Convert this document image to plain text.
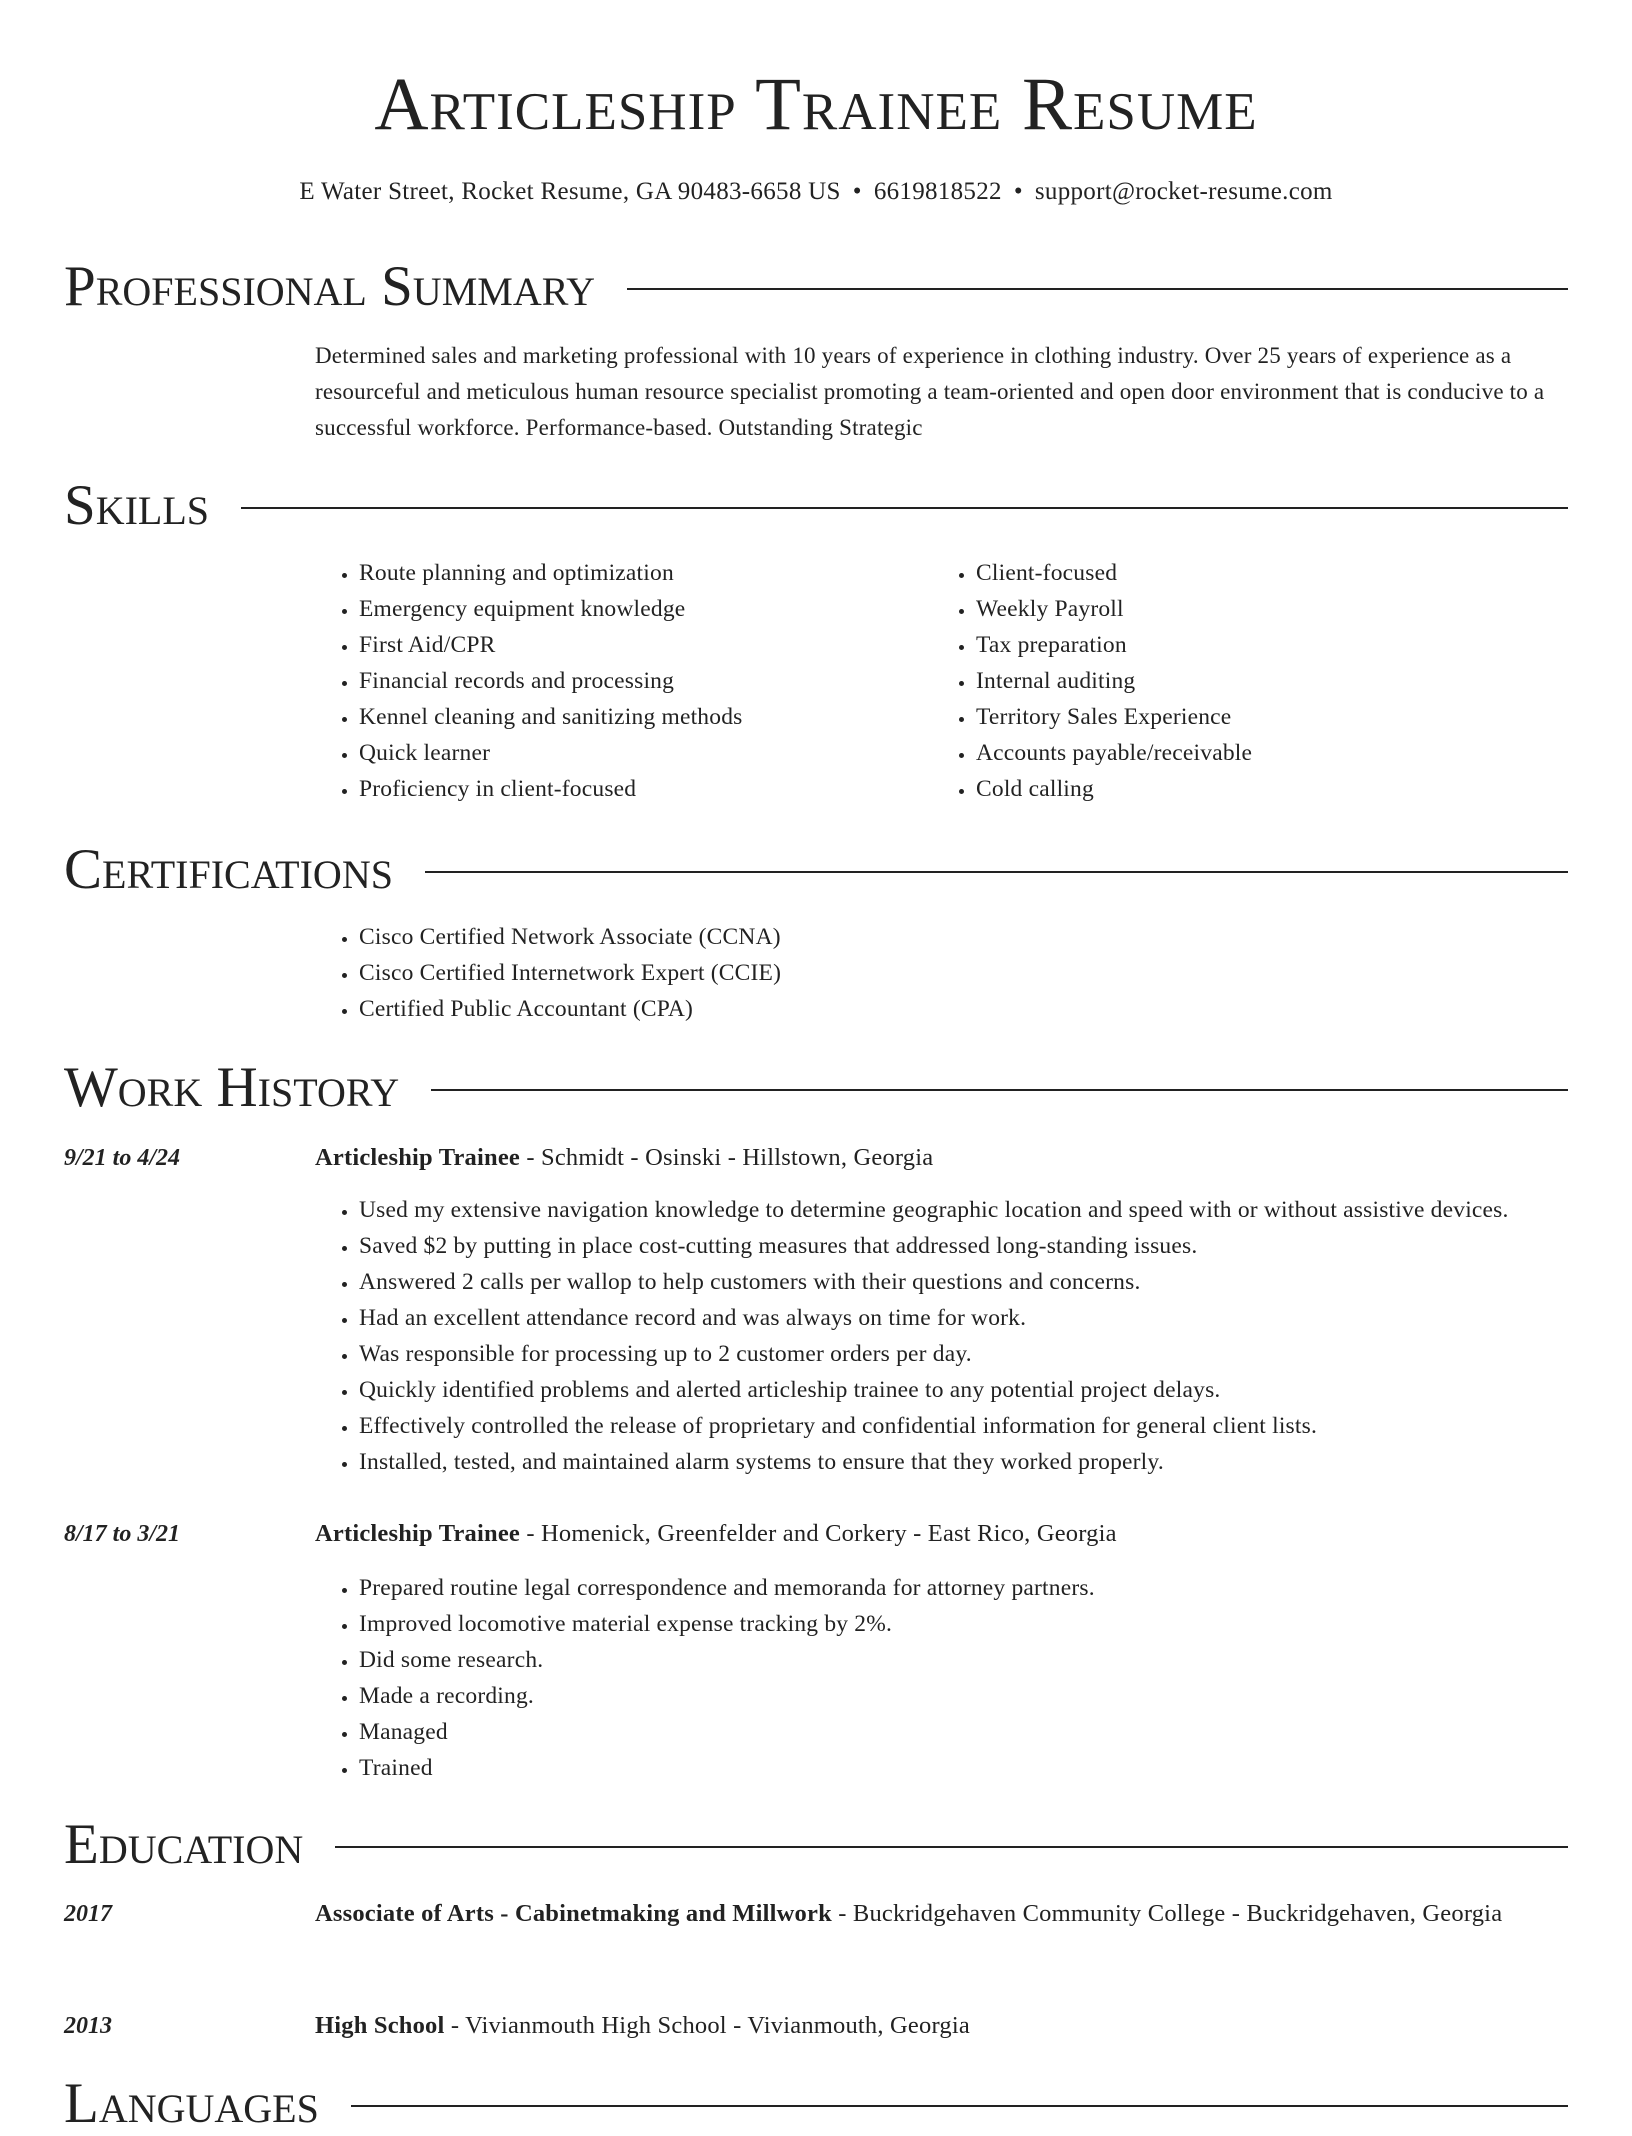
Articleship Trainee Resume
E Water Street, Rocket Resume, GA 90483-6658 US • 6619818522 • support@rocket-resume.com
Professional Summary
Determined sales and marketing professional with 10 years of experience in clothing industry. Over 25 years of experience as a resourceful and meticulous human resource specialist promoting a team-oriented and open door environment that is conducive to a successful workforce. Performance-based. Outstanding Strategic
Skills
• Route planning and optimization
• Emergency equipment knowledge
• First Aid/CPR
• Financial records and processing
• Kennel cleaning and sanitizing methods
• Quick learner
• Proficiency in client-focused
• Client-focused
• Weekly Payroll
• Tax preparation
• Internal auditing
• Territory Sales Experience
• Accounts payable/receivable
• Cold calling
Certifications
• Cisco Certified Network Associate (CCNA)
• Cisco Certified Internetwork Expert (CCIE)
• Certified Public Accountant (CPA)
Work History
9/21 to 4/24	Articleship Trainee - Schmidt - Osinski - Hillstown, Georgia
• Used my extensive navigation knowledge to determine geographic location and speed with or without assistive devices.
• Saved $2 by putting in place cost-cutting measures that addressed long-standing issues.
• Answered 2 calls per wallop to help customers with their questions and concerns.
• Had an excellent attendance record and was always on time for work.
• Was responsible for processing up to 2 customer orders per day.
• Quickly identified problems and alerted articleship trainee to any potential project delays.
• Effectively controlled the release of proprietary and confidential information for general client lists.
• Installed, tested, and maintained alarm systems to ensure that they worked properly.
8/17 to 3/21	Articleship Trainee - Homenick, Greenfelder and Corkery - East Rico, Georgia
• Prepared routine legal correspondence and memoranda for attorney partners.
• Improved locomotive material expense tracking by 2%.
• Did some research.
• Made a recording.
• Managed
• Trained
Education
2017	Associate of Arts - Cabinetmaking and Millwork - Buckridgehaven Community College - Buckridgehaven, Georgia
2013	High School - Vivianmouth High School - Vivianmouth, Georgia
Languages
